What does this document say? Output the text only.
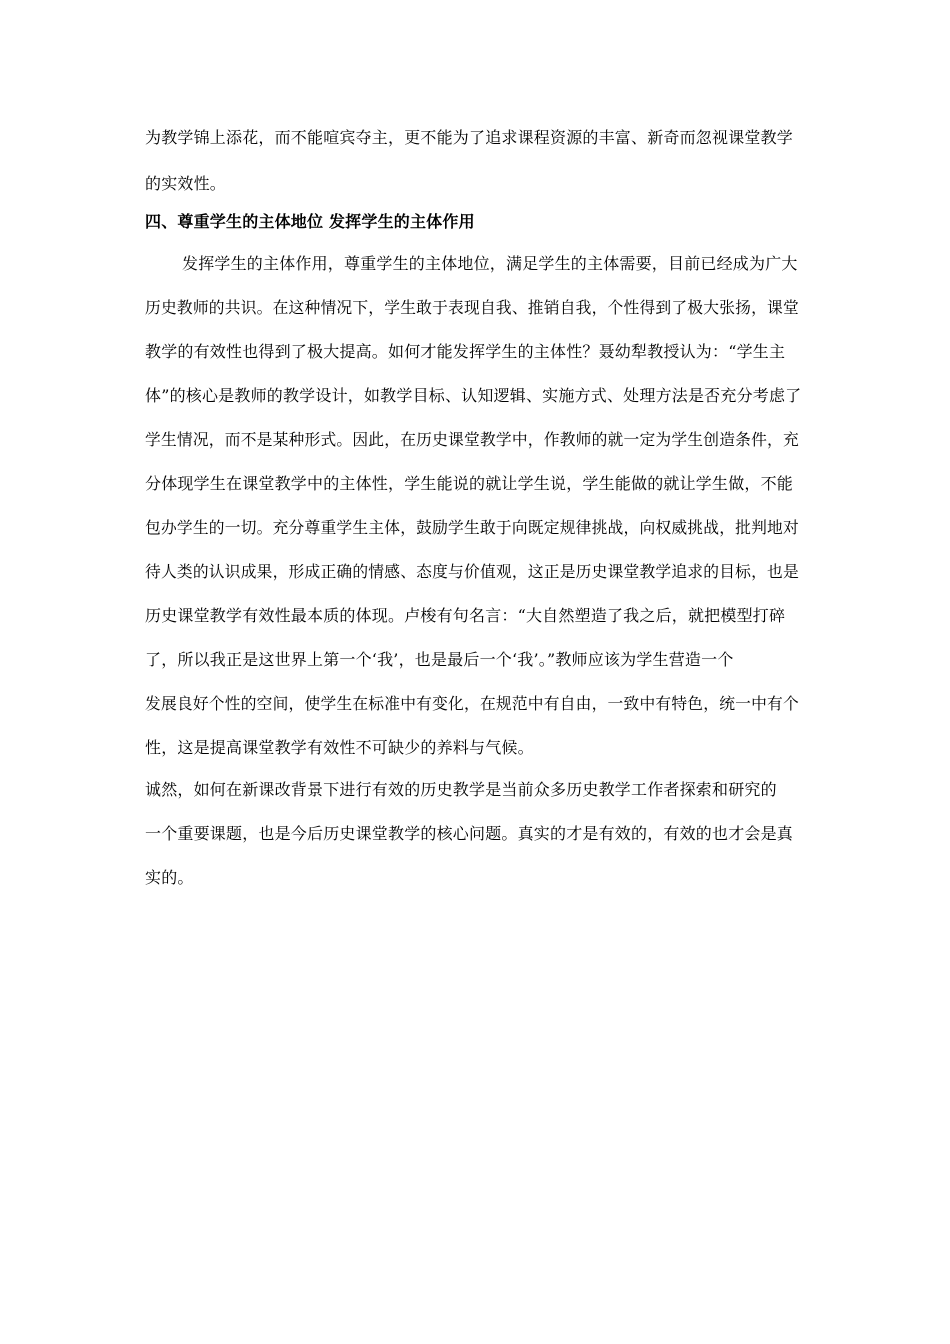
为教学锦上添花，而不能喧宾夺主，更不能为了追求课程资源的丰富、新奇而忽视课堂教学
的实效性。
四、尊重学生的主体地位 发挥学生的主体作用
发挥学生的主体作用，尊重学生的主体地位，满足学生的主体需要，目前已经成为广大
历史教师的共识。在这种情况下，学生敢于表现自我、推销自我，个性得到了极大张扬，课堂
教学的有效性也得到了极大提高。如何才能发挥学生的主体性？聂幼犁教授认为：“学生主
体”的核心是教师的教学设计，如教学目标、认知逻辑、实施方式、处理方法是否充分考虑了
学生情况，而不是某种形式。因此，在历史课堂教学中，作教师的就一定为学生创造条件，充
分体现学生在课堂教学中的主体性，学生能说的就让学生说，学生能做的就让学生做，不能
包办学生的一切。充分尊重学生主体，鼓励学生敢于向既定规律挑战，向权威挑战，批判地对
待人类的认识成果，形成正确的情感、态度与价值观，这正是历史课堂教学追求的目标，也是
历史课堂教学有效性最本质的体现。卢梭有句名言：“大自然塑造了我之后，就把模型打碎
了，所以我正是这世界上第一个‘我’，也是最后一个‘我’。”教师应该为学生营造一个
发展良好个性的空间，使学生在标准中有变化，在规范中有自由，一致中有特色，统一中有个
性，这是提高课堂教学有效性不可缺少的养料与气候。
诚然，如何在新课改背景下进行有效的历史教学是当前众多历史教学工作者探索和研究的
一个重要课题，也是今后历史课堂教学的核心问题。真实的才是有效的，有效的也才会是真
实的。
